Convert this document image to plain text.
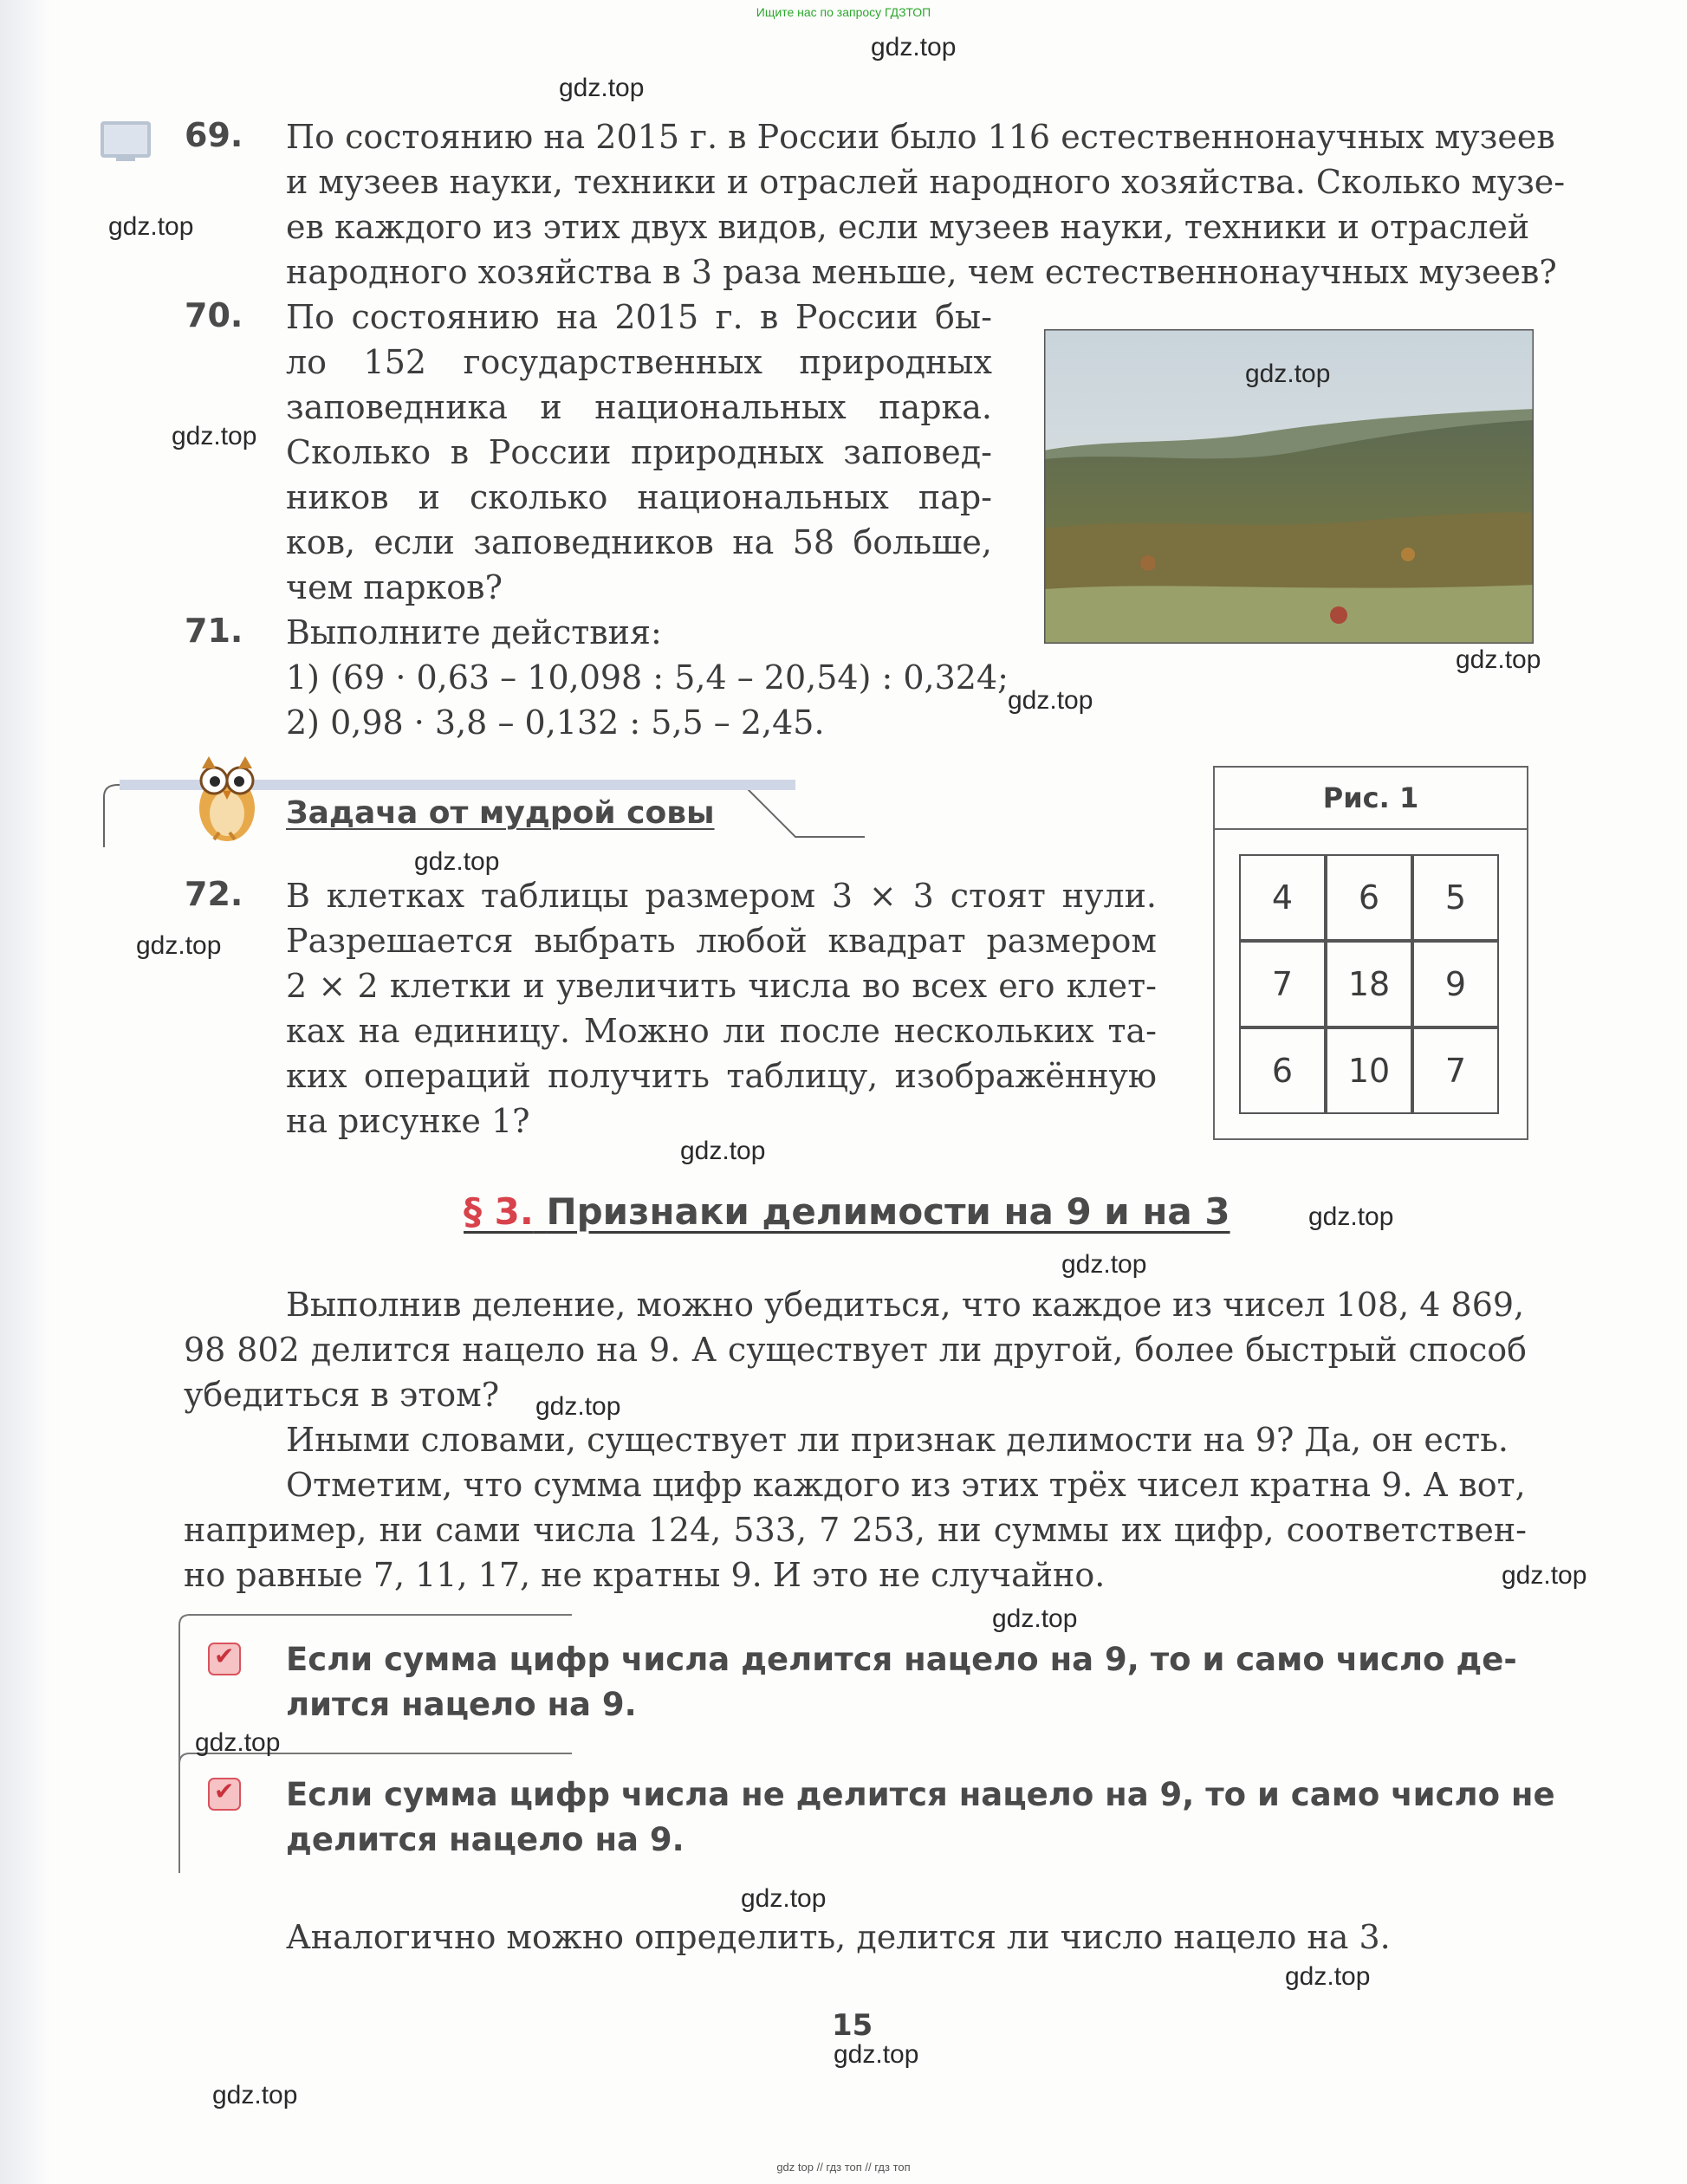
Ищите нас по запросу ГДЗТОП
69. По состоянию на 2015 г. в России было 116 естественнонаучных музеев
и музеев науки, техники и отраслей народного хозяйства. Сколько музе-
ев каждого из этих двух видов, если музеев науки, техники и отраслей
народного хозяйства в 3 раза меньше, чем естественнонаучных музеев?
70. По состоянию на 2015 г. в России бы-
ло 152 государственных природных
заповедника и национальных парка.
Сколько в России природных заповед-
ников и сколько национальных пар-
ков, если заповедников на 58 больше,
чем парков?
71. Выполните действия:
1) (69 · 0,63 – 10,098 : 5,4 – 20,54) : 0,324;
2) 0,98 · 3,8 – 0,132 : 5,5 – 2,45.
Задача от мудрой совы
72. В клетках таблицы размером 3 × 3 стоят нули.
Разрешается выбрать любой квадрат размером
2 × 2 клетки и увеличить числа во всех его клет-
ках на единицу. Можно ли после нескольких та-
ких операций получить таблицу, изображённую
на рисунке 1?
Рис. 1
4	6	5
7	18	9
6	10	7
§ 3. Признаки делимости на 9 и на 3
Выполнив деление, можно убедиться, что каждое из чисел 108, 4 869,
98 802 делится нацело на 9. А существует ли другой, более быстрый способ
убедиться в этом?
Иными словами, существует ли признак делимости на 9? Да, он есть.
Отметим, что сумма цифр каждого из этих трёх чисел кратна 9. А вот,
например, ни сами числа 124, 533, 7 253, ни суммы их цифр, соответствен-
но равные 7, 11, 17, не кратны 9. И это не случайно.
✔
Если сумма цифр числа делится нацело на 9, то и само число де-
лится нацело на 9.
✔
Если сумма цифр числа не делится нацело на 9, то и само число не
делится нацело на 9.
Аналогично можно определить, делится ли число нацело на 3.
15
gdz top // гдз топ // гдз топ
gdz.top
gdz.top
gdz.top
gdz.top
gdz.top
gdz.top
gdz.top
gdz.top
gdz.top
gdz.top
gdz.top
gdz.top
gdz.top
gdz.top
gdz.top
gdz.top
gdz.top
gdz.top
gdz.top
gdz.top
